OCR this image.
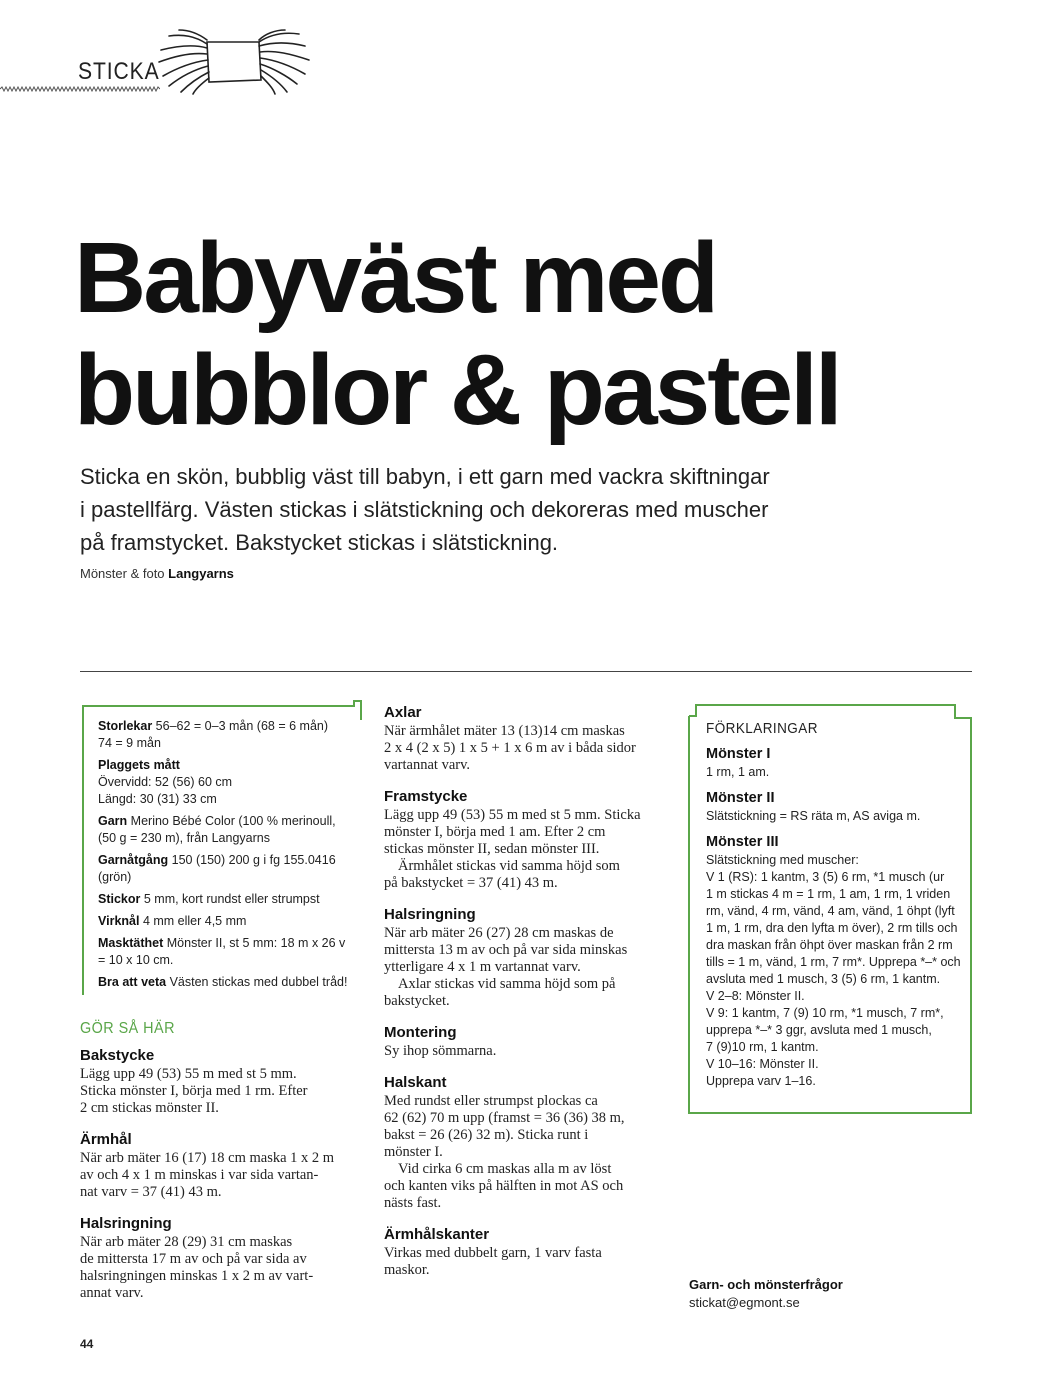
STICKA
Babyväst med
bubblor & pastell
Sticka en skön, bubblig väst till babyn, i ett garn med vackra skiftningar
i pastellfärg. Västen stickas i slätstickning och dekoreras med muscher
på framstycket. Bakstycket stickas i slätstickning.
Mönster & foto Langyarns
Storlekar 56–62 = 0–3 mån (68 = 6 mån)
74 = 9 mån
Plaggets mått
Övervidd: 52 (56) 60 cm
Längd: 30 (31) 33 cm
Garn Merino Bébé Color (100 % merinoull,
(50 g = 230 m), från Langyarns
Garnåtgång 150 (150) 200 g i fg 155.0416
(grön)
Stickor 5 mm, kort rundst eller strumpst
Virknål 4 mm eller 4,5 mm
Masktäthet Mönster II, st 5 mm: 18 m x 26 v
= 10 x 10 cm.
Bra att veta Västen stickas med dubbel tråd!
GÖR SÅ HÄR
Bakstycke

Lägg upp 49 (53) 55 m med st 5 mm.
Sticka mönster I, börja med 1 rm. Efter
2 cm stickas mönster II.

Ärmhål

När arb mäter 16 (17) 18 cm maska 1 x 2 m
av och 4 x 1 m minskas i var sida vartan-
nat varv = 37 (41) 43 m.

Halsringning

När arb mäter 28 (29) 31 cm maskas
de mittersta 17 m av och på var sida av
halsringningen minskas 1 x 2 m av vart-
annat varv.

Axlar

När ärmhålet mäter 13 (13)14 cm maskas
2 x 4 (2 x 5) 1 x 5 + 1 x 6 m av i båda sidor
vartannat varv.

Framstycke

Lägg upp 49 (53) 55 m med st 5 mm. Sticka
mönster I, börja med 1 am. Efter 2 cm
stickas mönster II, sedan mönster III.
Ärmhålet stickas vid samma höjd som
på bakstycket = 37 (41) 43 m.

Halsringning

När arb mäter 26 (27) 28 cm maskas de
mittersta 13 m av och på var sida minskas
ytterligare 4 x 1 m vartannat varv.
Axlar stickas vid samma höjd som på
bakstycket.

Montering

Sy ihop sömmarna.

Halskant

Med rundst eller strumpst plockas ca
62 (62) 70 m upp (framst = 36 (36) 38 m,
bakst = 26 (26) 32 m). Sticka runt i
mönster I.
Vid cirka 6 cm maskas alla m av löst
och kanten viks på hälften in mot AS och
nästs fast.

Ärmhålskanter

Virkas med dubbelt garn, 1 varv fasta
maskor.

FÖRKLARINGAR
Mönster I
1 rm, 1 am.
Mönster II
Slätstickning = RS räta m, AS aviga m.
Mönster III
Slätstickning med muscher:
V 1 (RS): 1 kantm, 3 (5) 6 rm, *1 musch (ur
1 m stickas 4 m = 1 rm, 1 am, 1 rm, 1 vriden
rm, vänd, 4 rm, vänd, 4 am, vänd, 1 öhpt (lyft
1 m, 1 rm, dra den lyfta m över), 2 rm tills och
dra maskan från öhpt över maskan från 2 rm
tills = 1 m, vänd, 1 rm, 7 rm*. Upprepa *–* och
avsluta med 1 musch, 3 (5) 6 rm, 1 kantm.
V 2–8: Mönster II.
V 9: 1 kantm, 7 (9) 10 rm, *1 musch, 7 rm*,
upprepa *–* 3 ggr, avsluta med 1 musch,
7 (9)10 rm, 1 kantm.
V 10–16: Mönster II.
Upprepa varv 1–16.
Garn- och mönsterfrågor
stickat@egmont.se
44
